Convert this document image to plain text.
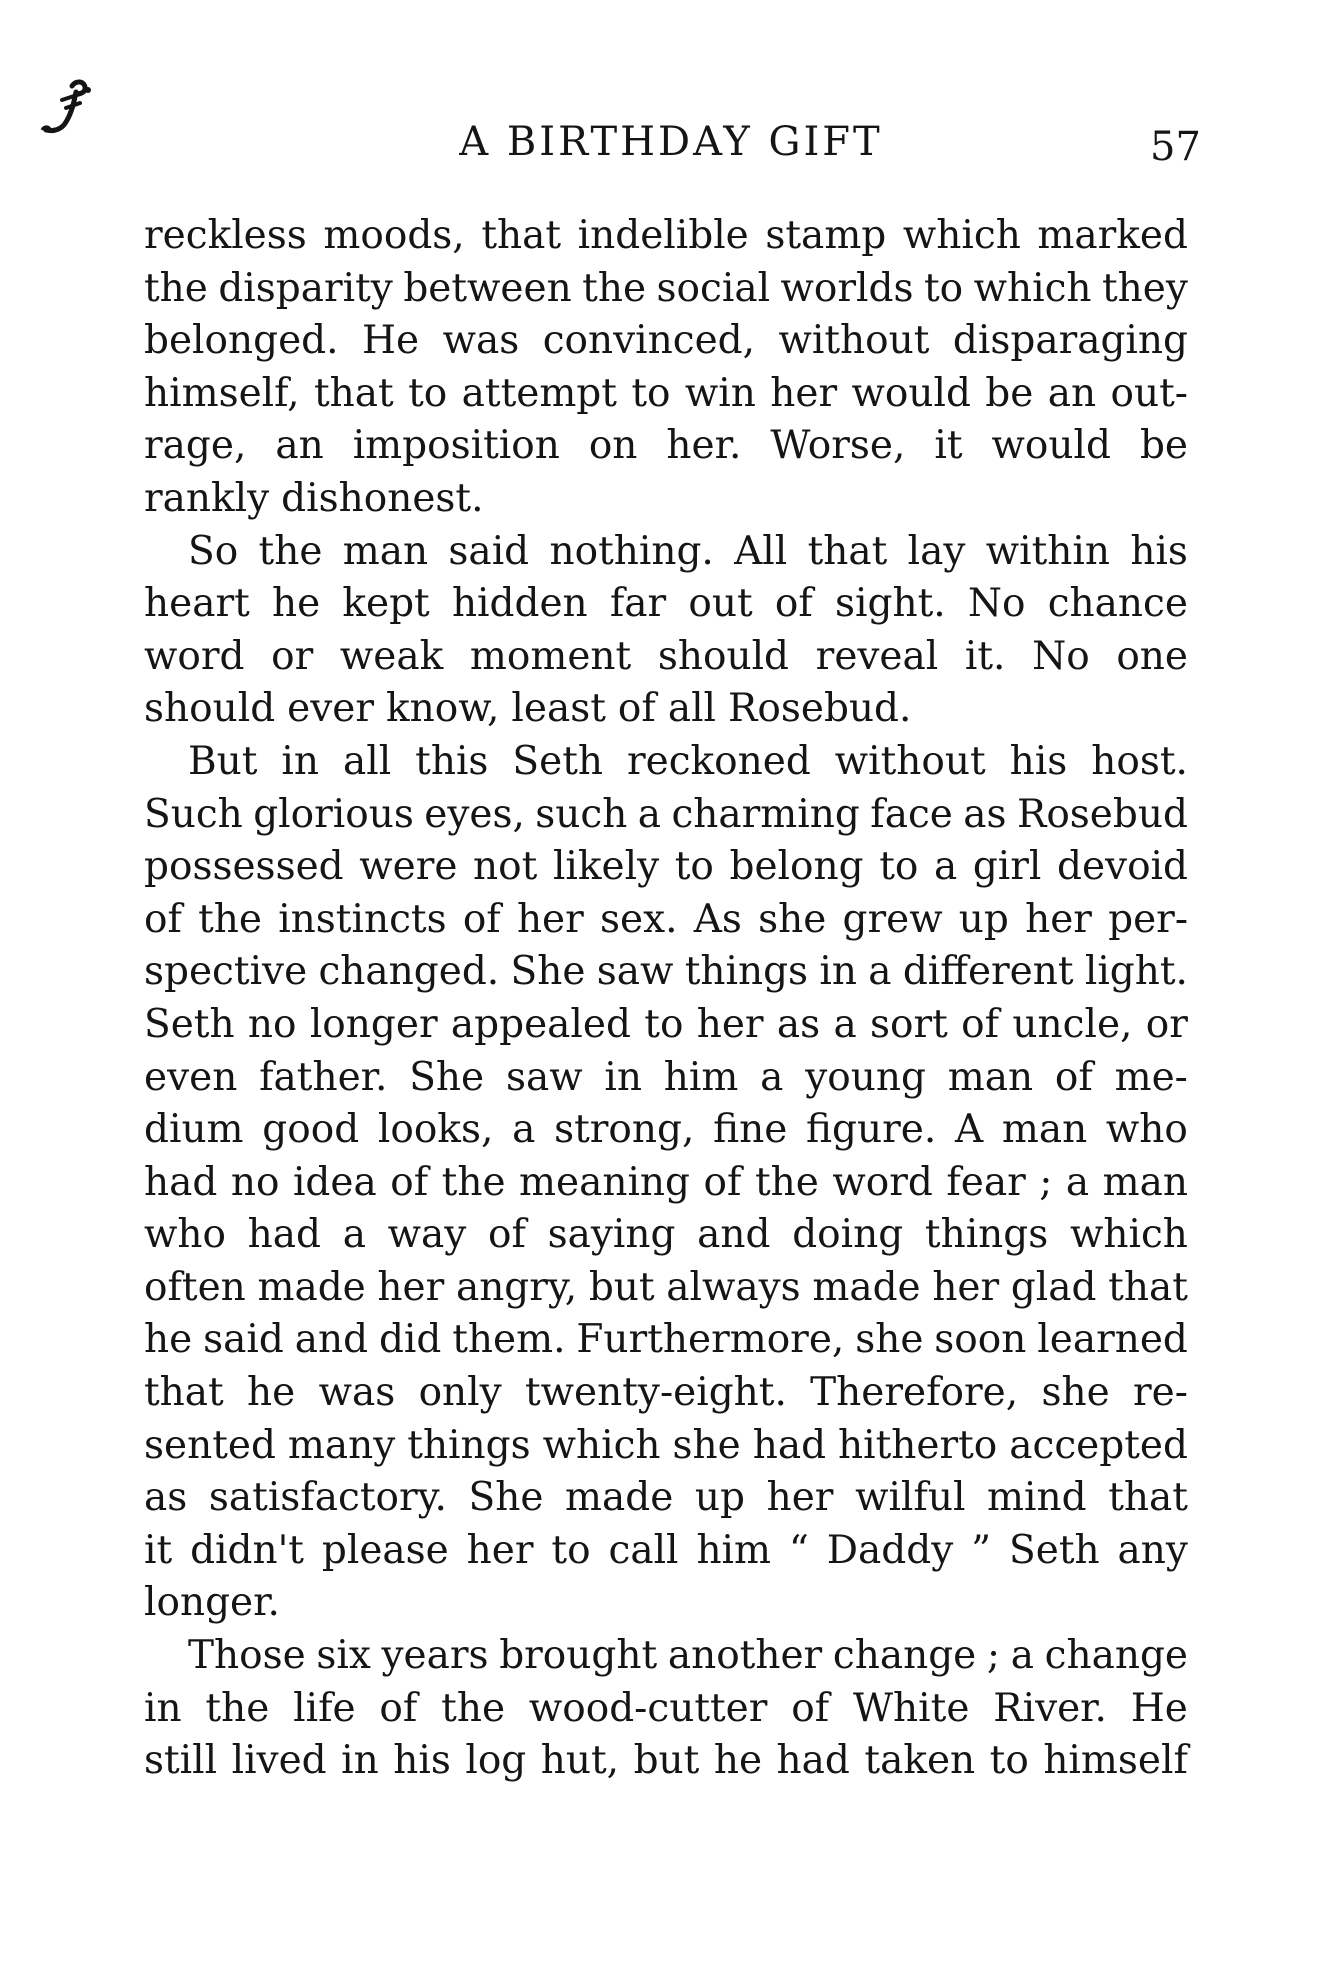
A BIRTHDAY GIFT	57
reckless moods, that indelible stamp which marked
the disparity between the social worlds to which they
belonged. He was convinced, without disparaging
himself, that to attempt to win her would be an out-
rage, an imposition on her. Worse, it would be
rankly dishonest.
So the man said nothing. All that lay within his
heart he kept hidden far out of sight. No chance
word or weak moment should reveal it. No one
should ever know, least of all Rosebud.
But in all this Seth reckoned without his host.
Such glorious eyes, such a charming face as Rosebud
possessed were not likely to belong to a girl devoid
of the instincts of her sex. As she grew up her per-
spective changed. She saw things in a different light.
Seth no longer appealed to her as a sort of uncle, or
even father. She saw in him a young man of me-
dium good looks, a strong, fine figure. A man who
had no idea of the meaning of the word fear ; a man
who had a way of saying and doing things which
often made her angry, but always made her glad that
he said and did them. Furthermore, she soon learned
that he was only twenty-eight. Therefore, she re-
sented many things which she had hitherto accepted
as satisfactory. She made up her wilful mind that
it didn't please her to call him “ Daddy ” Seth any
longer.
Those six years brought another change ; a change
in the life of the wood-cutter of White River. He
still lived in his log hut, but he had taken to himself
